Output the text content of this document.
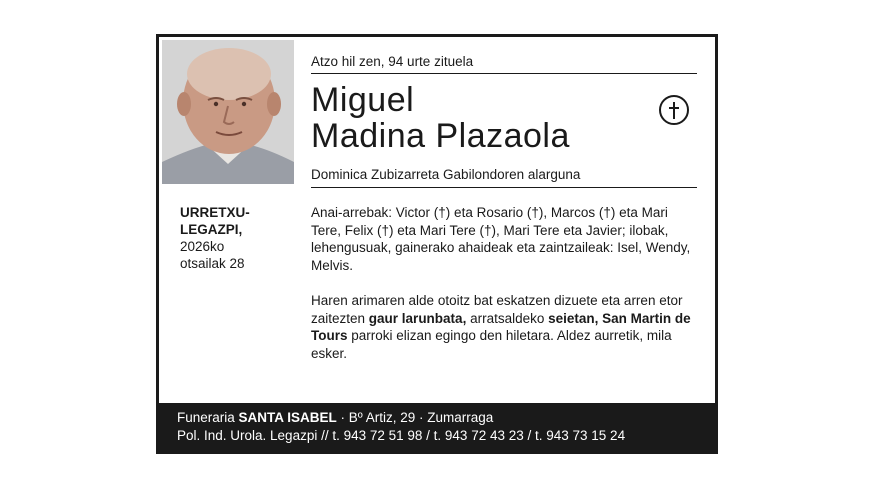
URRETXU-LEGAZPI,
2026ko
otsailak 28
Atzo hil zen, 94 urte zituela
Miguel
Madina Plazaola
Dominica Zubizarreta Gabilondoren alarguna
Anai-arrebak: Victor (†) eta Rosario (†), Marcos (†) eta Mari Tere, Felix (†) eta Mari Tere (†), Mari Tere eta Javier; ilobak, lehengusuak, gainerako ahaideak eta zaintzaileak: Isel, Wendy, Melvis.
Haren arimaren alde otoitz bat eskatzen dizuete eta arren etor zaitezten gaur larunbata, arratsaldeko seietan, San Martin de Tours parroki elizan egingo den hiletara. Aldez aurretik, mila esker.
Funeraria SANTA ISABEL · Bº Artiz, 29 · Zumarraga
Pol. Ind. Urola. Legazpi // t. 943 72 51 98 / t. 943 72 43 23 / t. 943 73 15 24
